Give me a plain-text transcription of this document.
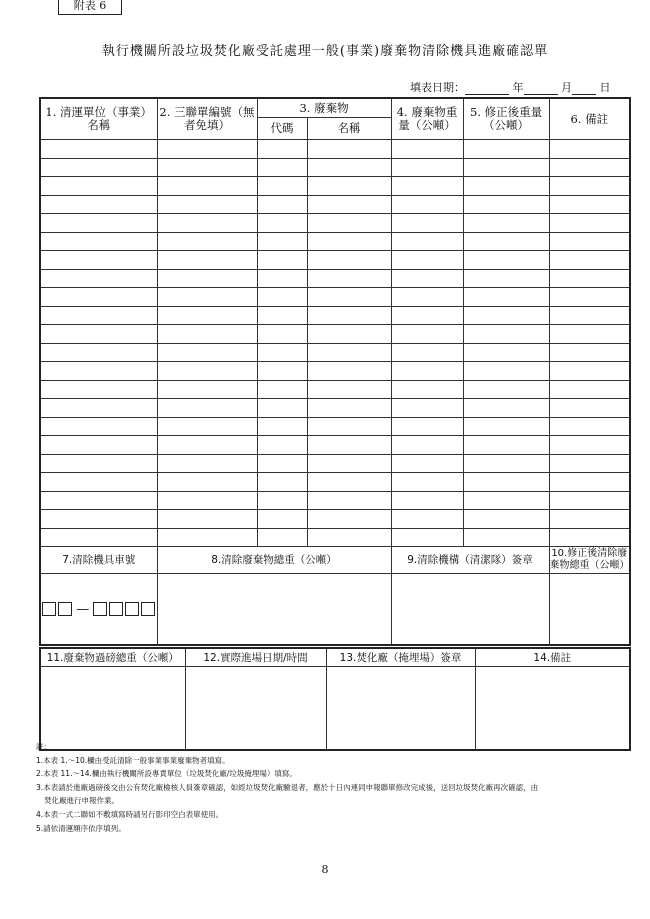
附表 6
執行機關所設垃圾焚化廠受託處理一般(事業)廢棄物清除機具進廠確認單
填表日期：	年	月	日
1. 清運單位（事業）名稱	2. 三聯單編號（無者免填）	3. 廢棄物		4. 廢棄物重量（公噸）	5. 修正後重量（公噸）	6. 備註
		代碼	名稱			

7.清除機具車號	8.清除廢棄物總重（公噸）			9.清除機構（清潔隊）簽章		10.修正後清除廢棄物總重（公噸）

—						

11.廢棄物過磅總重（公噸）	12.實際進場日期/時間	13.焚化廠（掩埋場）簽章	14.備註

註：
1.本表 1.～10.欄由受託清除一般事業事業廢棄物者填寫。
2.本表 11.～14.欄由執行機關所設專責單位（垃圾焚化廠/垃圾掩埋場）填寫。
3.本表請於進廠過磅後交由公有焚化廠檢核人員簽章確認，如經垃圾焚化廠驗退者，應於十日內連同申報聯單修改完成後，送回垃圾焚化廠再次確認，由
焚化廠進行申報作業。
4.本表一式二聯如不敷填寫時請另行影印空白表單使用。
5.請依清運順序依序填列。
8
